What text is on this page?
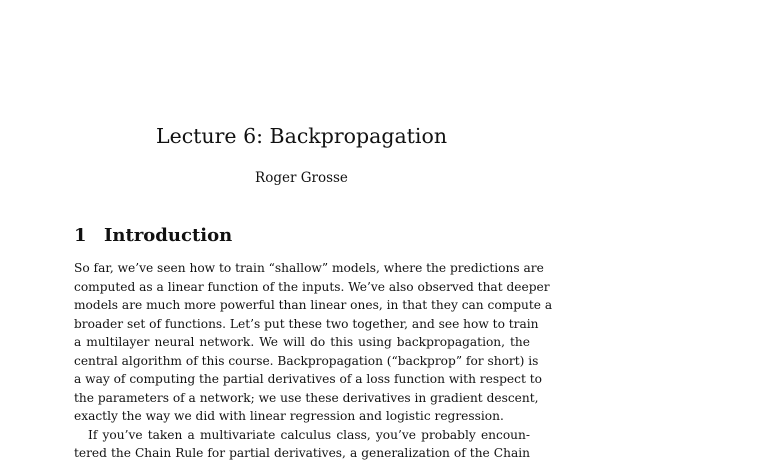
Lecture 6: Backpropagation
Roger Grosse
1 Introduction
So far, we’ve seen how to train “shallow” models, where the predictions are
computed as a linear function of the inputs. We’ve also observed that deeper
models are much more powerful than linear ones, in that they can compute a
broader set of functions. Let’s put these two together, and see how to train
a multilayer neural network. We will do this using backpropagation, the
central algorithm of this course. Backpropagation (“backprop” for short) is
a way of computing the partial derivatives of a loss function with respect to
the parameters of a network; we use these derivatives in gradient descent,
exactly the way we did with linear regression and logistic regression.
If you’ve taken a multivariate calculus class, you’ve probably encoun-
tered the Chain Rule for partial derivatives, a generalization of the Chain
